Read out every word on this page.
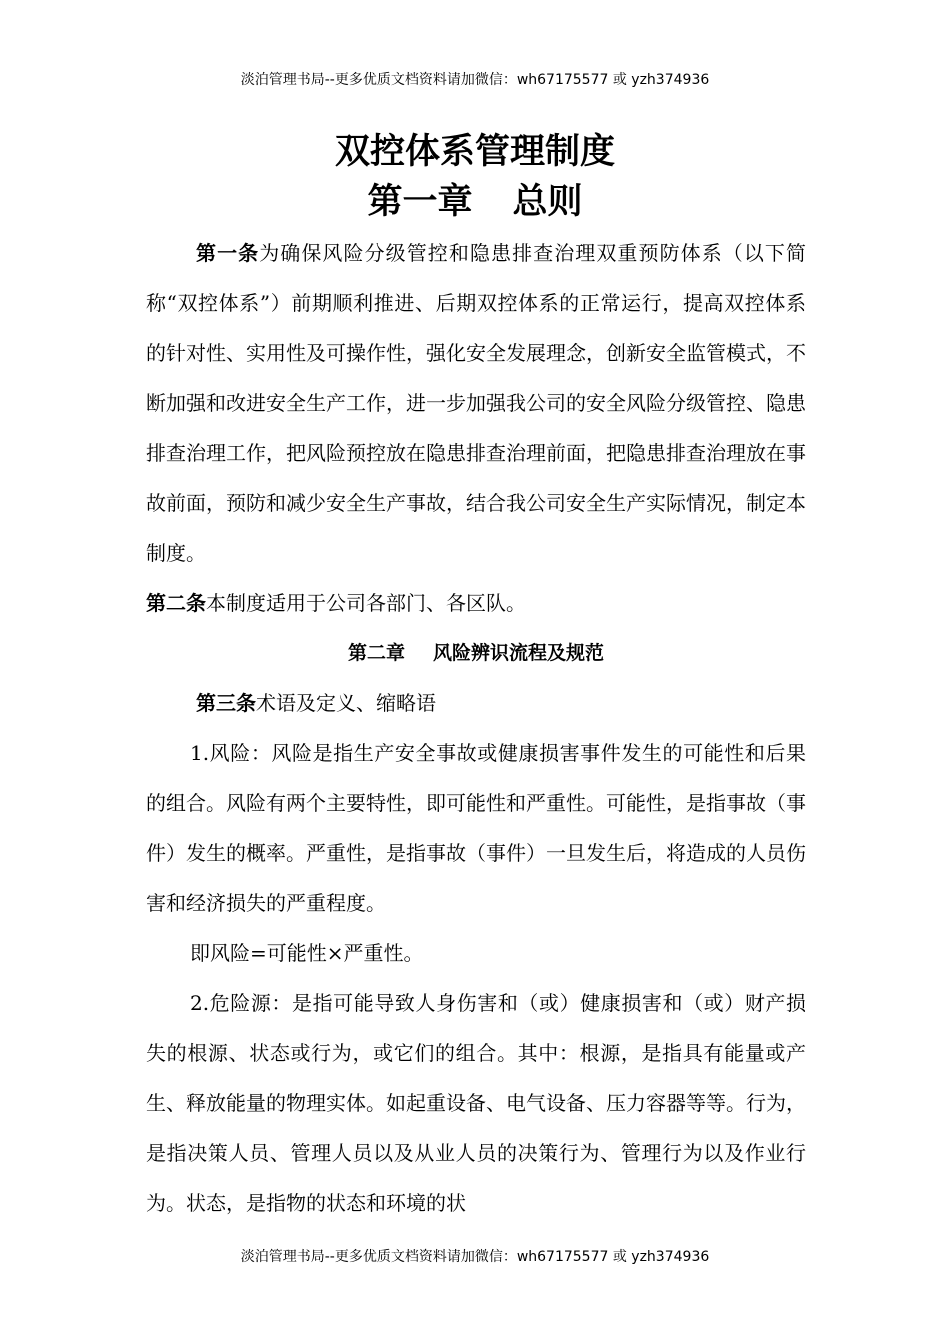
淡泊管理书局--更多优质文档资料请加微信：wh67175577 或 yzh374936
双控体系管理制度
第一章 总则

第一条为确保风险分级管控和隐患排查治理双重预防体系（以下简称“双控体系”）前期顺利推进、后期双控体系的正常运行，提高双控体系的针对性、实用性及可操作性，强化安全发展理念，创新安全监管模式，不断加强和改进安全生产工作，进一步加强我公司的安全风险分级管控、隐患排查治理工作，把风险预控放在隐患排查治理前面，把隐患排查治理放在事故前面，预防和减少安全生产事故，结合我公司安全生产实际情况，制定本制度。

第二条本制度适用于公司各部门、各区队。

第二章 风险辨识流程及规范

第三条术语及定义、缩略语

1.风险：风险是指生产安全事故或健康损害事件发生的可能性和后果的组合。风险有两个主要特性，即可能性和严重性。可能性，是指事故（事件）发生的概率。严重性，是指事故（事件）一旦发生后，将造成的人员伤害和经济损失的严重程度。

即风险=可能性×严重性。

2.危险源：是指可能导致人身伤害和（或）健康损害和（或）财产损失的根源、状态或行为，或它们的组合。其中：根源，是指具有能量或产生、释放能量的物理实体。如起重设备、电气设备、压力容器等等。行为，是指决策人员、管理人员以及从业人员的决策行为、管理行为以及作业行为。状态，是指物的状态和环境的状

淡泊管理书局--更多优质文档资料请加微信：wh67175577 或 yzh374936
